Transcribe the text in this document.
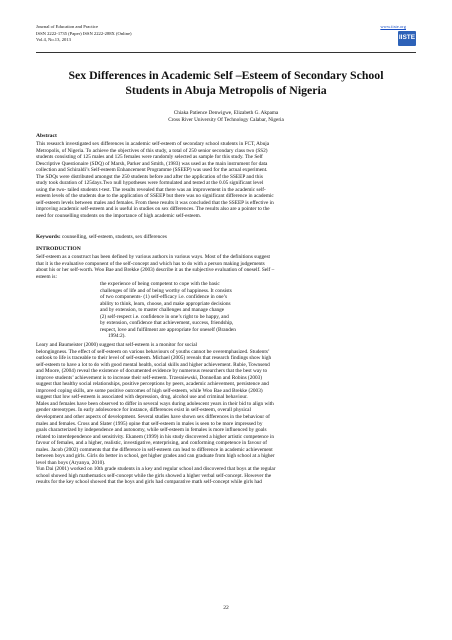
Journal of Education and Practice
ISSN 2222-1735 (Paper) ISSN 2222-288X (Online)
Vol.4, No.13, 2013
www.iiste.org
IISTE
Sex Differences in Academic Self –Esteem of Secondary School
Students in Abuja Metropolis of Nigeria
Chiaka Patience Denwigwe, Elizabeth G. Akpama
Cross River University Of Technology Calabar, Nigeria
Abstract
This research investigated sex differences in academic self-esteem of secondary school students in FCT, Abuja
Metropolis, of Nigeria. To achieve the objectives of this study, a total of 250 senior secondary class two (SS2)
students consisting of 125 males and 125 females were randomly selected as sample for this study. The Self
Descriptive Questionaire (SDQ) of Marsh, Parker and Smith, (1983) was used as the main instrument for data
collection and Schiraldi’s Self-esteem Enhancement Programme (SSEEP) was used for the actual experiment.
The SDQs were distributed amongst the 250 students before and after the application of the SSEEP and this
study took duration of 125days.Two null hypotheses were formulated and tested at the 0.05 significant level
using the two- tailed students t-test. The results revealed that there was an improvement in the academic self-
esteem levels of the students due to the application of SSEEP but there was no significant difference in academic
self-esteem levels between males and females. From these results it was concluded that the SSEEP is effective in
improving academic self-esteem and is useful in studies on sex differences. The results also are a pointer to the
need for counselling students on the importance of high academic self-esteem.
Keywords: counselling, self-esteem, students, sex differences
INTRODUCTION
Self-esteem as a construct has been defined by various authors in various ways. Most of the definitions suggest
that it is the evaluative component of the self-concept and which has to do with a person making judgements
about his or her self-worth. Woo Bae and Brekke (2003) describe it as the subjective evaluation of oneself. Self –
esteem is:
the experience of being competent to cope with the basic
challenges of life and of being worthy of happiness. It consists
of two components- (1) self-efficacy i.e. confidence in one’s
ability to think, learn, choose, and make appropriate decisions
and by extension, to master challenges and manage change
(2) self-respect i.e. confidence in one’s right to be happy, and
by extension, confidence that achievement, success, friendship,
respect, love and fulfilment are appropriate for oneself (Branden
1994:2).
Leary and Baumeister (2000) suggest that self-esteem is a monitor for social
belongingness. The effect of self-esteem on various behaviours of youths cannot be overemphasized. Students’
outlook to life is traceable to their level of self-esteem. Michael (2005) reveals that research findings show high
self-esteem to have a lot to do with good mental health, social skills and higher achievement. Rubie, Townsend
and Moore, (2004) reveal the existence of documented evidence by numerous researchers that the best way to
improve students’ achievement is to increase their self-esteem. Trzesniewski, Donnellan and Robins (2003)
suggest that healthy social relationships, positive perceptions by peers, academic achievement, persistence and
improved coping skills, are some positive outcomes of high self-esteem, while Woo Bae and Brekke (2003)
suggest that low self-esteem is associated with depression, drug, alcohol use and criminal behaviour.
Males and females have been observed to differ in several ways during adolescent years in their bid to align with
gender stereotypes. In early adolescence for instance, differences exist in self-esteem, overall physical
development and other aspects of development. Several studies have shown sex differences in the behaviour of
males and females. Cross and Slater (1995) opine that self-esteem in males is seen to be more impressed by
goals characterized by independence and autonomy, while self-esteem in females is more influenced by goals
related to interdependence and sensitivity. Ekanem (1999) in his study discovered a higher artistic competence in
favour of females, and a higher, realistic, investigative, enterprising, and conforming competence in favour of
males. Jacob (2002) comments that the difference in self-esteem can lead to difference in academic achievement
between boys and girls. Girls do better in school, get higher grades and can graduate from high school at a higher
level than boys (Aryanya, 2010).
Yun Dai (2001) worked on 10th grade students in a key and regular school and discovered that boys at the regular
school showed high mathematics self-concept while the girls showed a higher verbal self-concept. However the
results for the key school showed that the boys and girls had comparative math self-concept while girls had
22
